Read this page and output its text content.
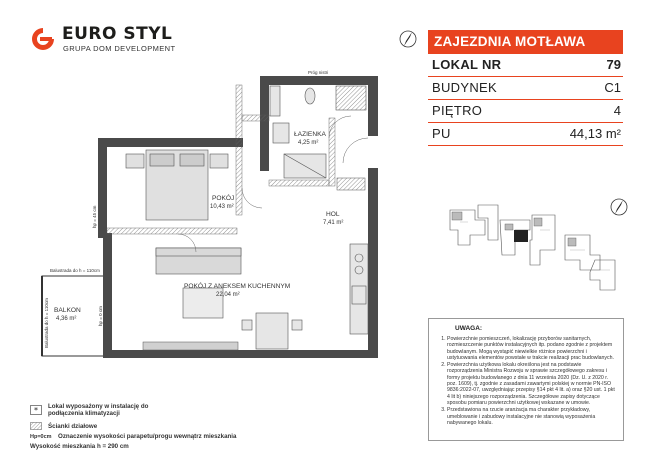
EURO STYL
GRUPA DOM DEVELOPMENT	ZAJEZDNIA MOTŁAWA
LOKAL NR	79
BUDYNEK	C1
PIĘTRO	4
PU	44,13 m²
UWAGA:
1. Powierzchnie pomieszczeń, lokalizację przyborów sanitarnych, rozmieszczenie punktów instalacyjnych itp. podano zgodnie z projektem budowlanym. Mogą wystąpić niewielkie różnice powierzchni i ustytuowania elementów powstałe w trakcie realizacji prac budowlanych.
2. Powierzchnia użytkowa lokalu określona jest na podstawie rozporządzenia Ministra Rozwoju w sprawie szczegółowego zakresu i formy projektu budowlanego z dnia 11 września 2020 (Dz. U. z 2020 r. poz. 1609), tj. zgodnie z zasadami zawartymi polskiej w normie PN-ISO 9836:2022-07, uwzględniając przepisy §14 pkt 4 lit. a) oraz §20 ust. 1 pkt 4 lit b) niniejszego rozporządzenia. Szczegółowe zapisy dotyczące sposobu pomiaru powierzchni użytkowej wskazane w umowie.
3. Przedstawiona na rzucie aranżacja ma charakter przykładowy, umeblowanie i zabudowy instalacyjne nie stanowią wyposażenia nabywanego lokalu.
ŁAZIENKA
4,25 m²
POKÓJ
10,43 m²
HOL
7,41 m²
POKÓJ Z ANEKSEM KUCHENNYM
22,04 m²
BALKON
4,36 m²
Próg nistri
Balustrada do h = 110cm
Balustrada do h = 110cm
hp = 45 cm
hp = 0 cm
* Lokal wyposażony w instalację do podłączenia klimatyzacji
Ścianki działowe
Hp=0cm Oznaczenie wysokości parapetu/progu wewnątrz mieszkania
Wysokość mieszkania h = 290 cm
